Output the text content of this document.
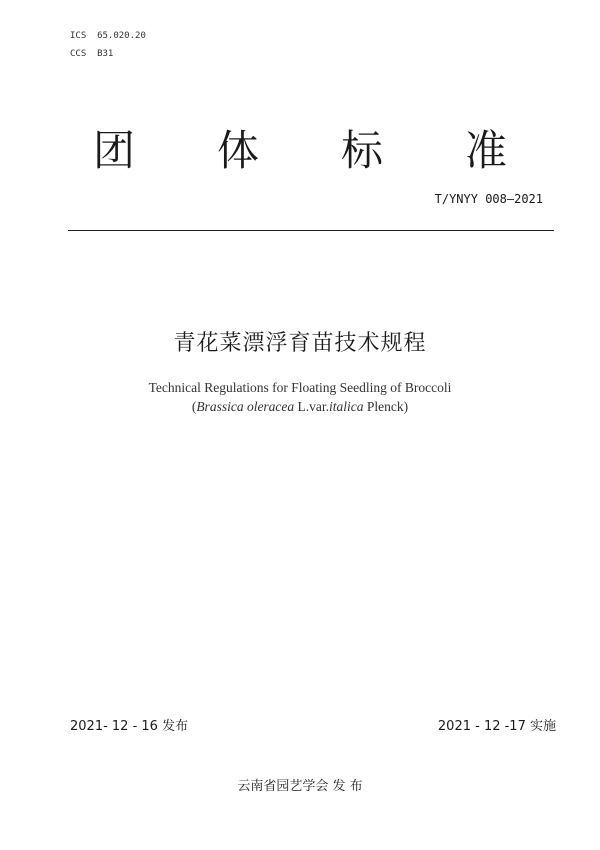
ICS  65.020.20
CCS  B31
团 体 标 准
T/YNYY 008—2021
青花菜漂浮育苗技术规程
Technical Regulations for Floating Seedling of Broccoli
(Brassica oleracea L.var.italica Plenck)
2021- 12 - 16 发布	2021 - 12 -17 实施
云南省园艺学会 发 布
